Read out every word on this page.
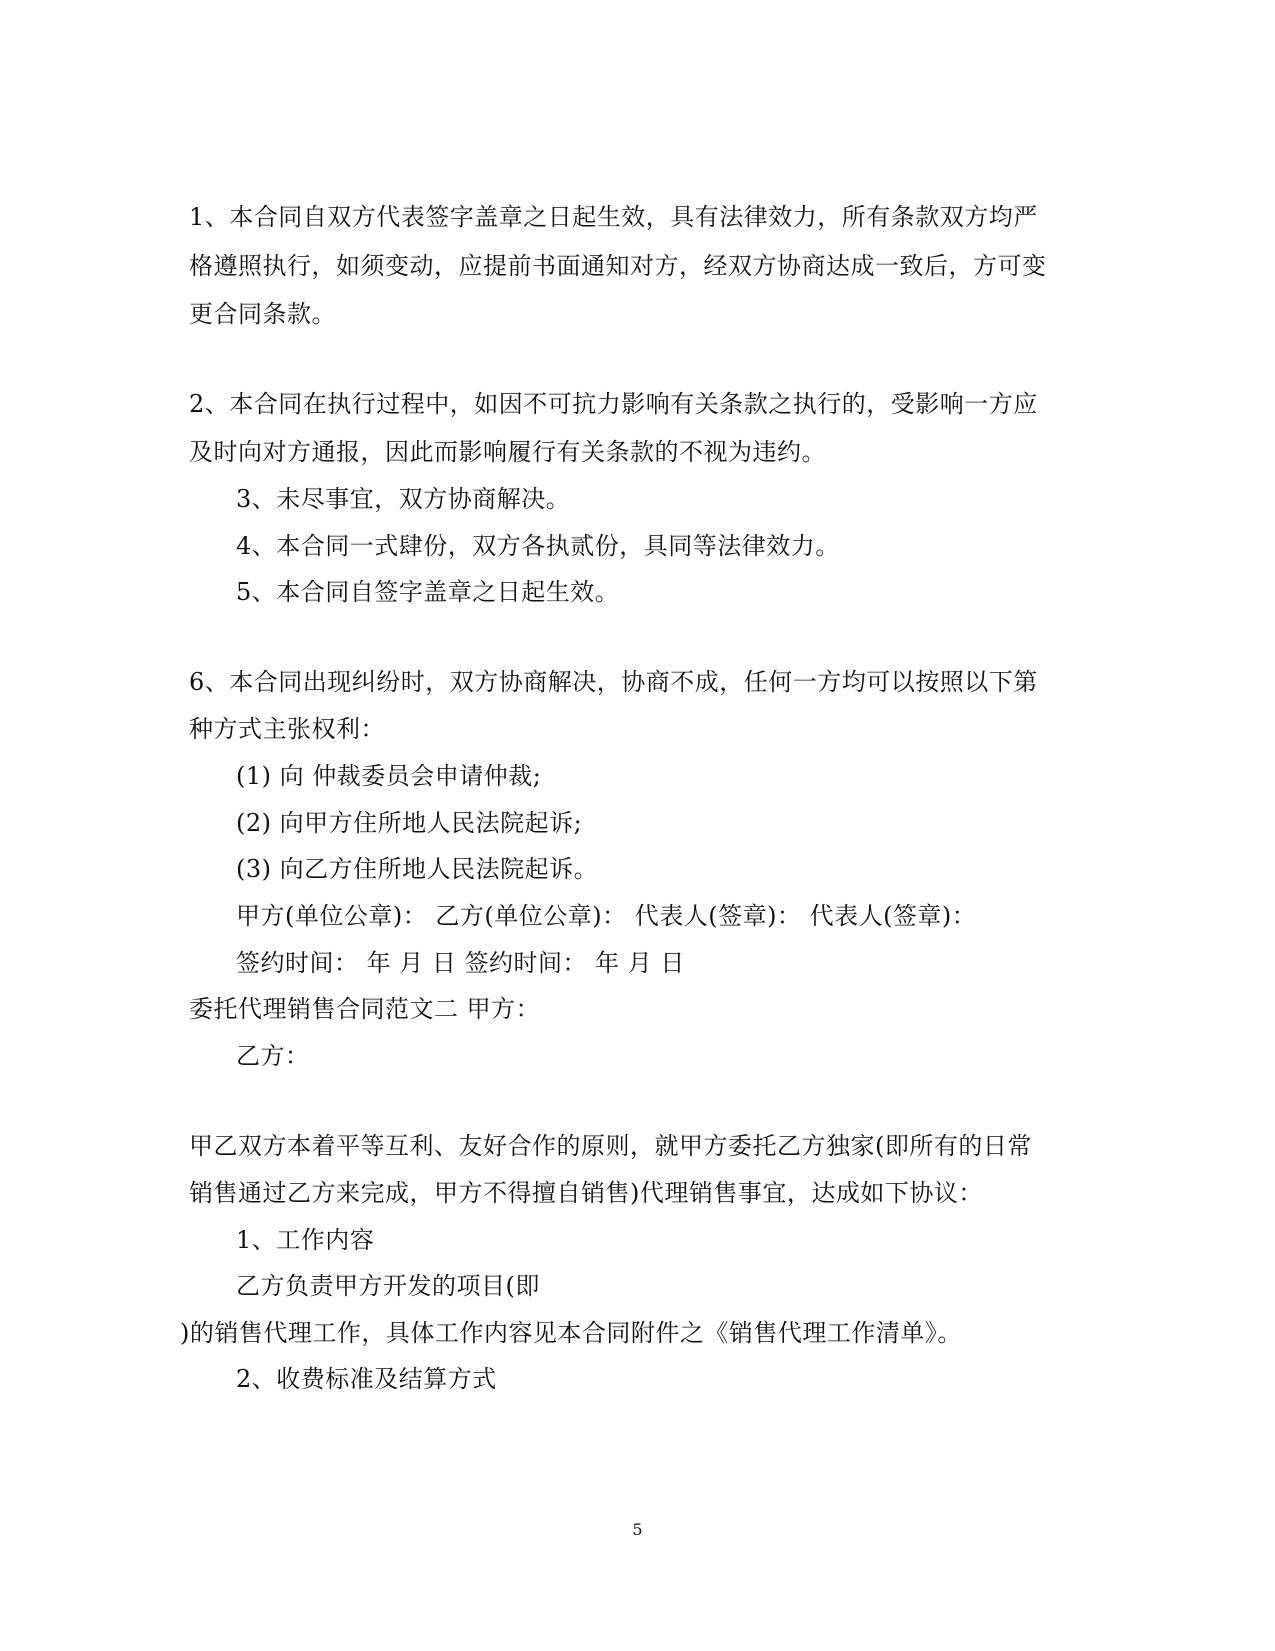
1、本合同自双方代表签字盖章之日起生效，具有法律效力，所有条款双方均严
格遵照执行，如须变动，应提前书面通知对方，经双方协商达成一致后，方可变
更合同条款。
2、本合同在执行过程中，如因不可抗力影响有关条款之执行的，受影响一方应
及时向对方通报，因此而影响履行有关条款的不视为违约。
3、未尽事宜，双方协商解决。
4、本合同一式肆份，双方各执贰份，具同等法律效力。
5、本合同自签字盖章之日起生效。
6、本合同出现纠纷时，双方协商解决，协商不成，任何一方均可以按照以下第
种方式主张权利：
(1) 向 仲裁委员会申请仲裁;
(2) 向甲方住所地人民法院起诉;
(3) 向乙方住所地人民法院起诉。
甲方(单位公章)： 乙方(单位公章)： 代表人(签章)： 代表人(签章)：
签约时间： 年 月 日 签约时间： 年 月 日
委托代理销售合同范文二 甲方：
乙方：
甲乙双方本着平等互利、友好合作的原则，就甲方委托乙方独家(即所有的日常
销售通过乙方来完成，甲方不得擅自销售)代理销售事宜，达成如下协议：
1、工作内容
乙方负责甲方开发的项目(即
)的销售代理工作，具体工作内容见本合同附件之《销售代理工作清单》。
2、收费标准及结算方式
5
